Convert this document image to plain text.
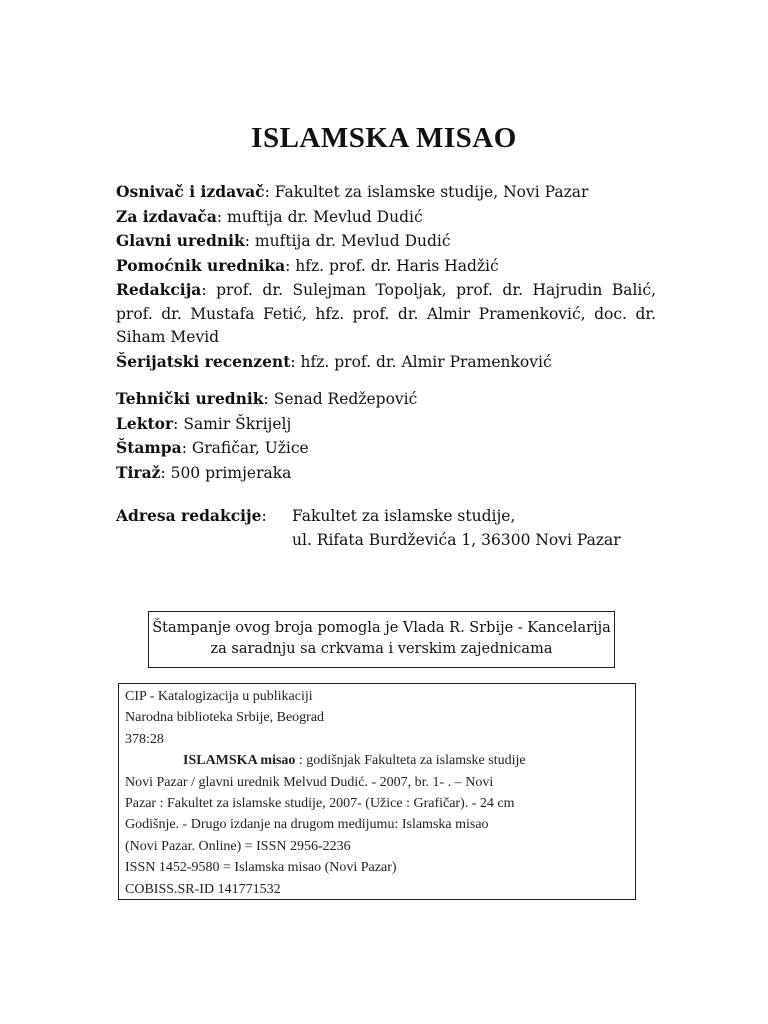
ISLAMSKA MISAO
Osnivač i izdavač: Fakultet za islamske studije, Novi Pazar
Za izdavača: muftija dr. Mevlud Dudić
Glavni urednik: muftija dr. Mevlud Dudić
Pomoćnik urednika: hfz. prof. dr. Haris Hadžić
Redakcija: prof. dr. Sulejman Topoljak, prof. dr. Hajrudin Balić, prof. dr. Mustafa Fetić, hfz. prof. dr. Almir Pramenković, doc. dr. Siham Mevid
Šerijatski recenzent: hfz. prof. dr. Almir Pramenković
Tehnički urednik: Senad Redžepović
Lektor: Samir Škrijelj
Štampa: Grafičar, Užice
Tiraž: 500 primjeraka
Adresa redakcije: Fakultet za islamske studije,
ul. Rifata Burdževića 1, 36300 Novi Pazar
Štampanje ovog broja pomogla je Vlada R. Srbije - Kancelarija
za saradnju sa crkvama i verskim zajednicama
CIP - Katalogizacija u publikaciji
Narodna biblioteka Srbije, Beograd
378:28
ISLAMSKA misao : godišnjak Fakulteta za islamske studije
Novi Pazar / glavni urednik Melvud Dudić. - 2007, br. 1- . – Novi
Pazar : Fakultet za islamske studije, 2007- (Užice : Grafičar). - 24 cm
Godišnje. - Drugo izdanje na drugom medijumu: Islamska misao
(Novi Pazar. Online) = ISSN 2956-2236
ISSN 1452-9580 = Islamska misao (Novi Pazar)
COBISS.SR-ID 141771532
